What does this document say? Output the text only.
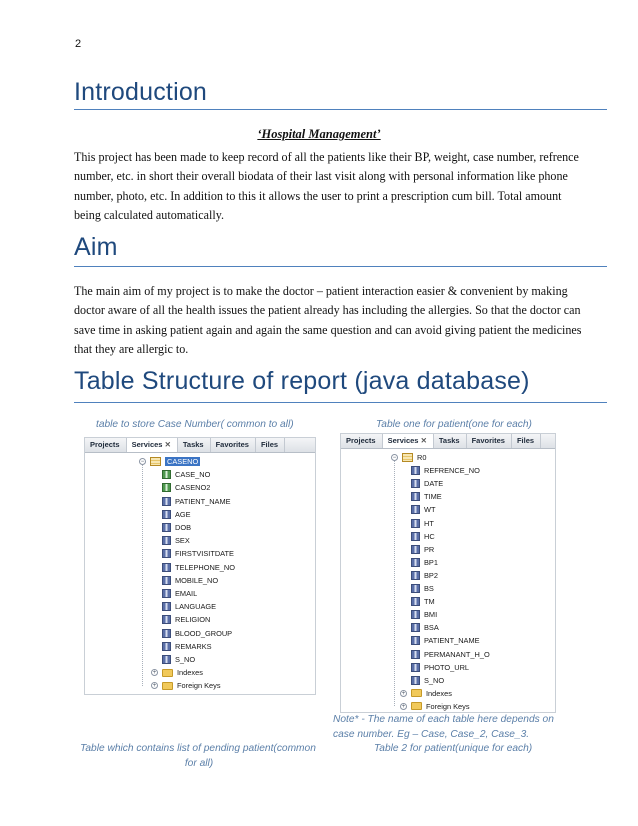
2
Introduction
‘Hospital Management’
This project has been made to keep record of all the patients like their BP, weight, case number, refrence
number, etc. in short their overall biodata of their last visit along with personal information like phone
number, photo, etc. In addition to this it allows the user to print a prescription cum bill. Total amount
being calculated automatically.
Aim
The main aim of my project is to make the doctor – patient interaction easier & convenient by making
doctor aware of all the health issues the patient already has including the allergies. So that the doctor can
save time in asking patient again and again the same question and can avoid giving patient the medicines
that they are allergic to.
Table Structure of report (java database)
table to store Case Number( common to all)	Table one for patient(one for each)
Projects	Services ✕	Tasks	Favorites	Files
−	CASENO
CASE_NO
CASENO2
PATIENT_NAME
AGE
DOB
SEX
FIRSTVISITDATE
TELEPHONE_NO
MOBILE_NO
EMAIL
LANGUAGE
RELIGION
BLOOD_GROUP
REMARKS
S_NO
+	Indexes
+	Foreign Keys
Projects	Services ✕	Tasks	Favorites	Files
−	R0
REFRENCE_NO
DATE
TIME
WT
HT
HC
PR
BP1
BP2
BS
TM
BMI
BSA
PATIENT_NAME
PERMANANT_H_O
PHOTO_URL
S_NO
+	Indexes
+	Foreign Keys
Note* - The name of each table here depends on
case number. Eg – Case, Case_2, Case_3.
Table which contains list of pending patient(common
for all)
Table 2 for patient(unique for each)
